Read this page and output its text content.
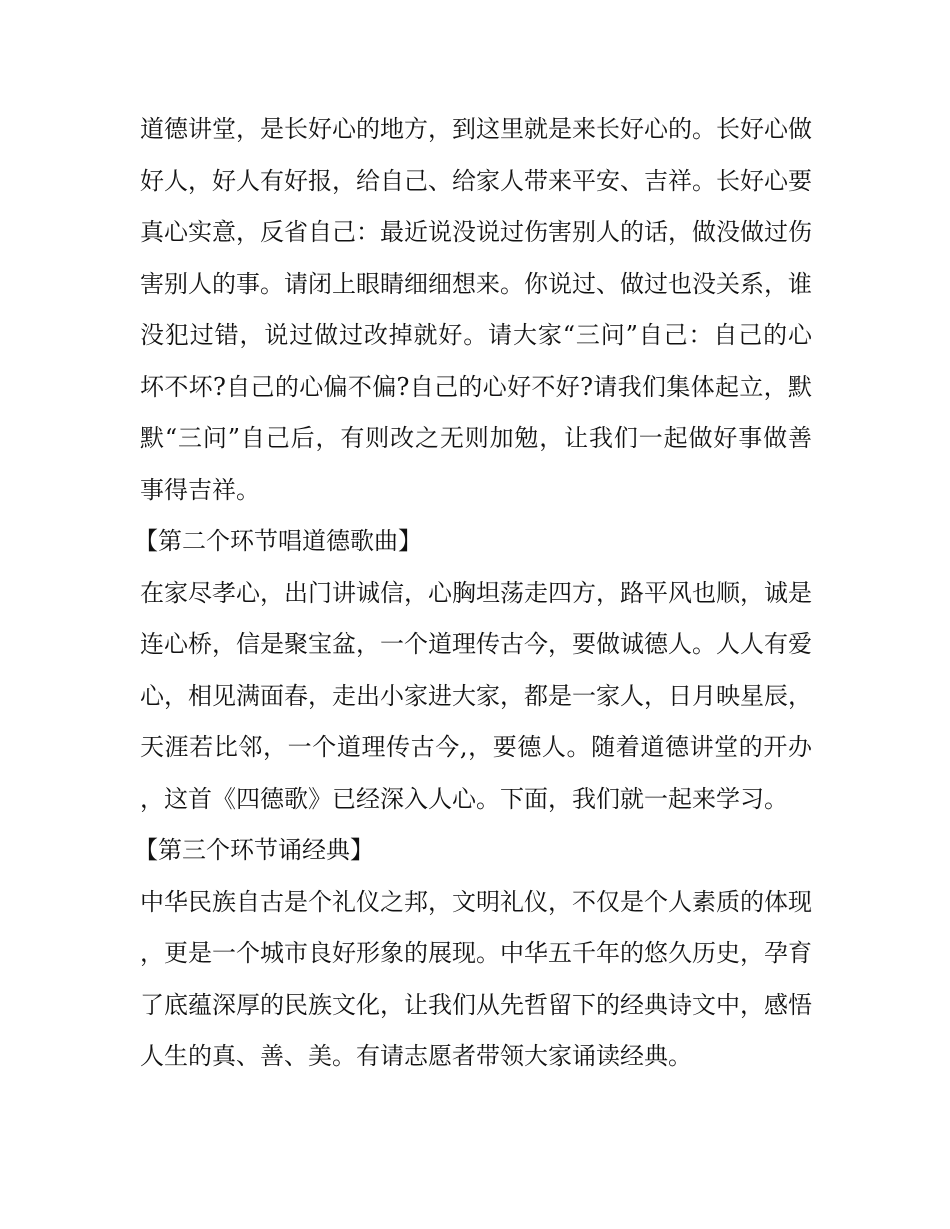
道德讲堂，是长好心的地方，到这里就是来长好心的。长好心做好人，好人有好报，给自己、给家人带来平安、吉祥。长好心要真心实意，反省自己：最近说没说过伤害别人的话，做没做过伤害别人的事。请闭上眼睛细细想来。你说过、做过也没关系，谁没犯过错，说过做过改掉就好。请大家“三问”自己：自己的心坏不坏?自己的心偏不偏?自己的心好不好?请我们集体起立，默默“三问”自己后，有则改之无则加勉，让我们一起做好事做善事得吉祥。

【第二个环节唱道德歌曲】

在家尽孝心，出门讲诚信，心胸坦荡走四方，路平风也顺，诚是连心桥，信是聚宝盆，一个道理传古今，要做诚德人。人人有爱心，相见满面春，走出小家进大家，都是一家人，日月映星辰，天涯若比邻，一个道理传古今,，要德人。随着道德讲堂的开办，这首《四德歌》已经深入人心。下面，我们就一起来学习。

【第三个环节诵经典】

中华民族自古是个礼仪之邦，文明礼仪，不仅是个人素质的体现，更是一个城市良好形象的展现。中华五千年的悠久历史，孕育了底蕴深厚的民族文化，让我们从先哲留下的经典诗文中，感悟人生的真、善、美。有请志愿者带领大家诵读经典。
